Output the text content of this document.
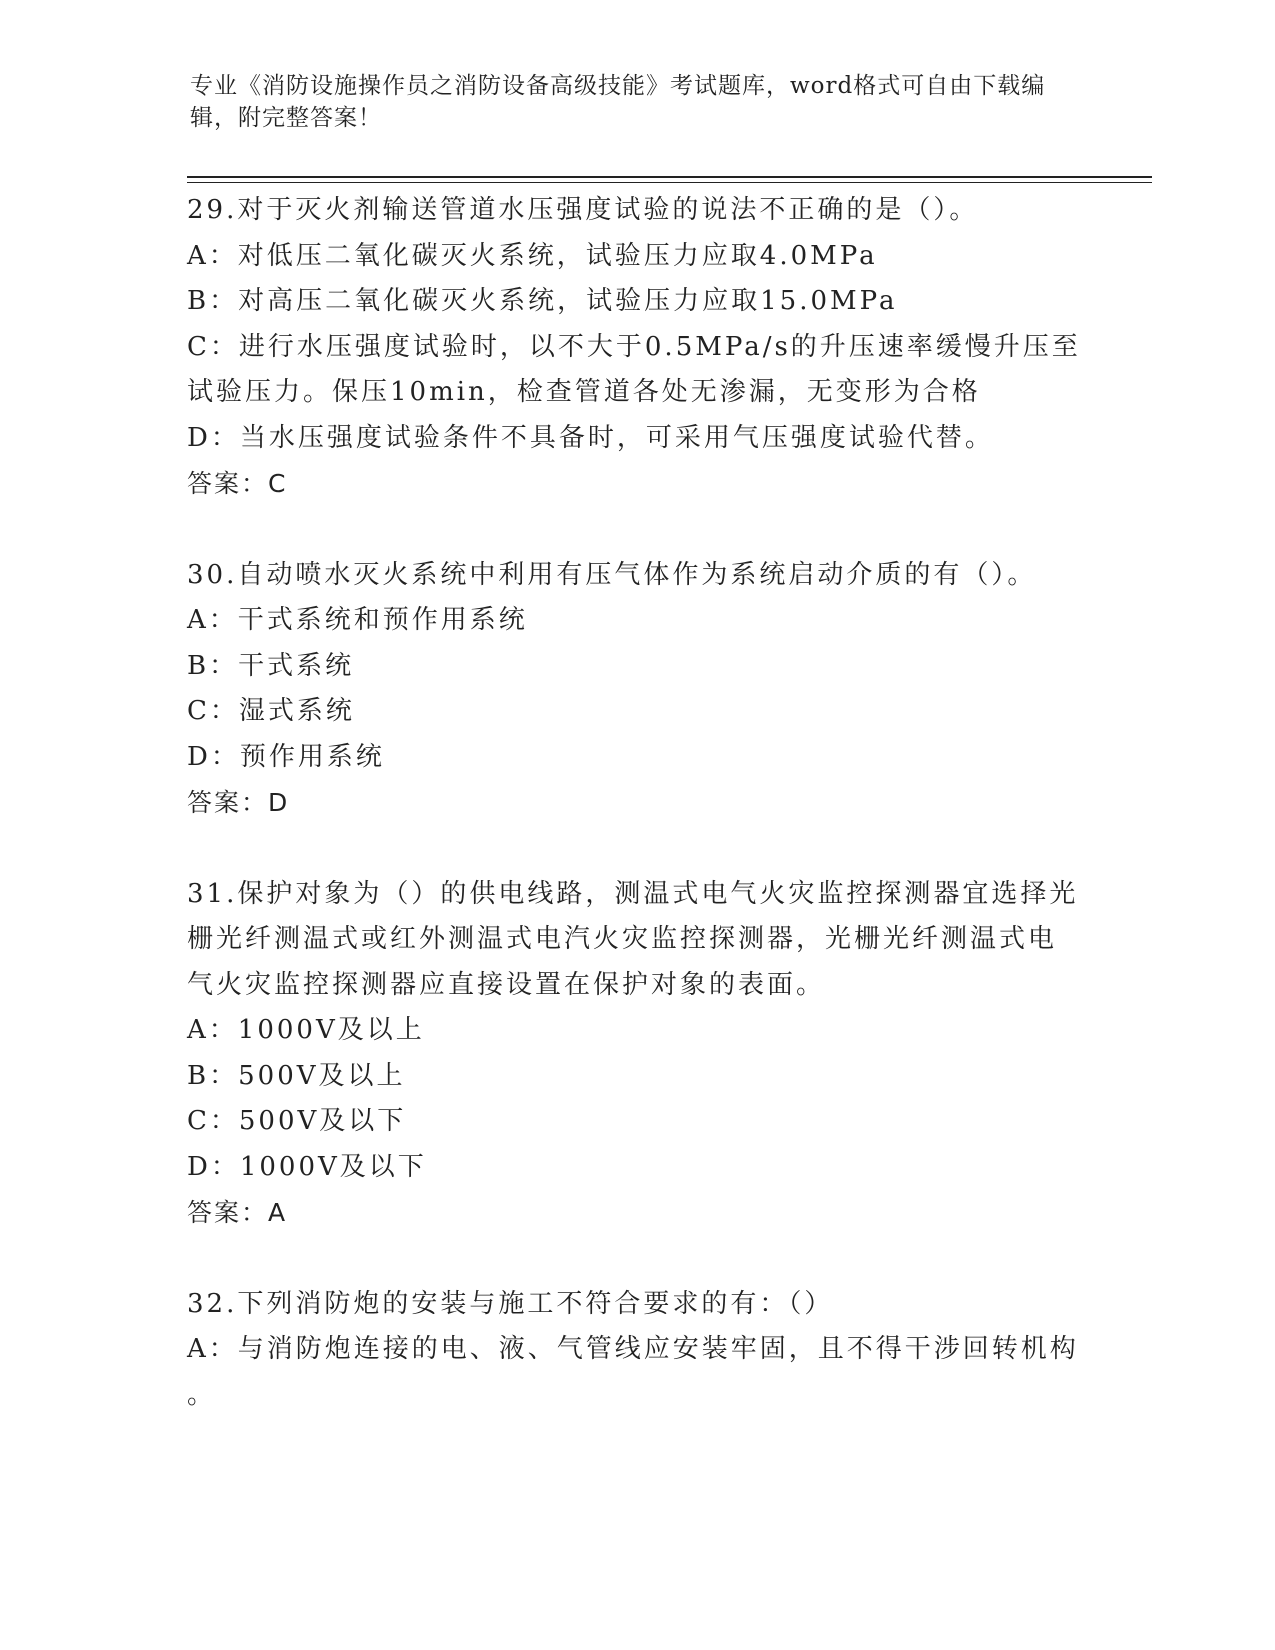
专业《消防设施操作员之消防设备高级技能》考试题库，word格式可自由下载编
辑，附完整答案！
29.对于灭火剂输送管道水压强度试验的说法不正确的是（）。
A：对低压二氧化碳灭火系统，试验压力应取4.0MPa
B：对高压二氧化碳灭火系统，试验压力应取15.0MPa
C：进行水压强度试验时，以不大于0.5MPa/s的升压速率缓慢升压至
试验压力。保压10min，检查管道各处无渗漏，无变形为合格
D：当水压强度试验条件不具备时，可采用气压强度试验代替。
答案：C
30.自动喷水灭火系统中利用有压气体作为系统启动介质的有（）。
A：干式系统和预作用系统
B：干式系统
C：湿式系统
D：预作用系统
答案：D
31.保护对象为（）的供电线路，测温式电气火灾监控探测器宜选择光
栅光纤测温式或红外测温式电汽火灾监控探测器，光栅光纤测温式电
气火灾监控探测器应直接设置在保护对象的表面。
A：1000V及以上
B：500V及以上
C：500V及以下
D：1000V及以下
答案：A
32.下列消防炮的安装与施工不符合要求的有：（）
A：与消防炮连接的电、液、气管线应安装牢固，且不得干涉回转机构
。
